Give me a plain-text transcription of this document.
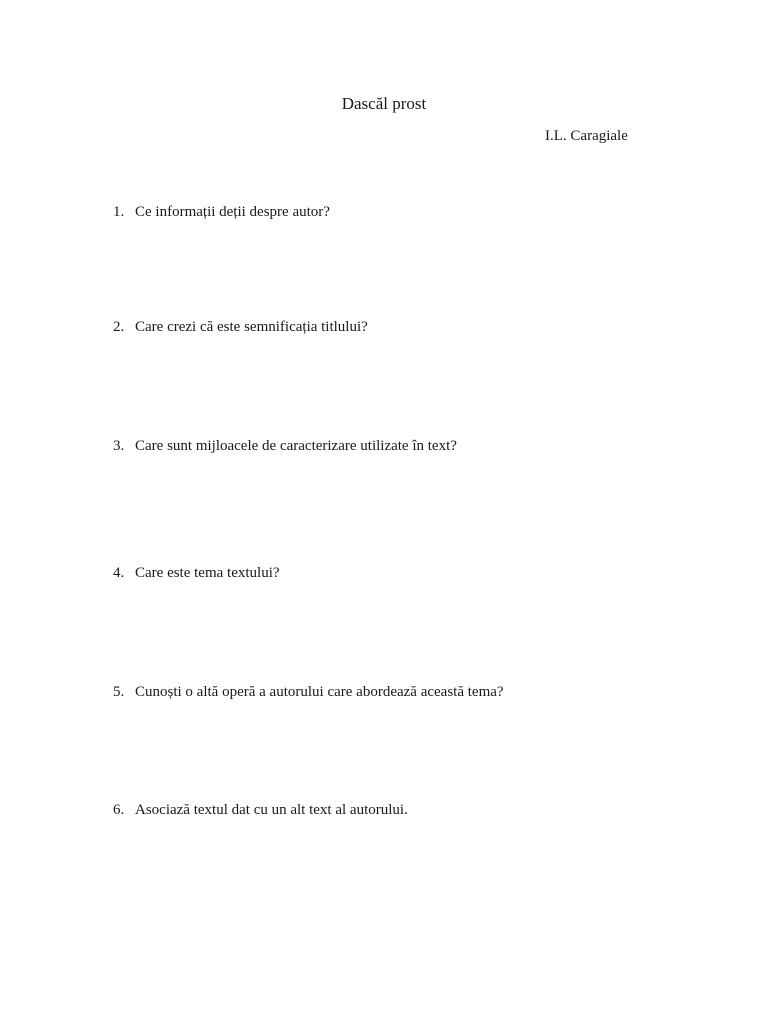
Dascăl prost
I.L. Caragiale
1. Ce informații deții despre autor?
2. Care crezi că este semnificația titlului?
3. Care sunt mijloacele de caracterizare utilizate în text?
4. Care este tema textului?
5. Cunoști o altă operă a autorului care abordează această tema?
6. Asociază textul dat cu un alt text al autorului.
